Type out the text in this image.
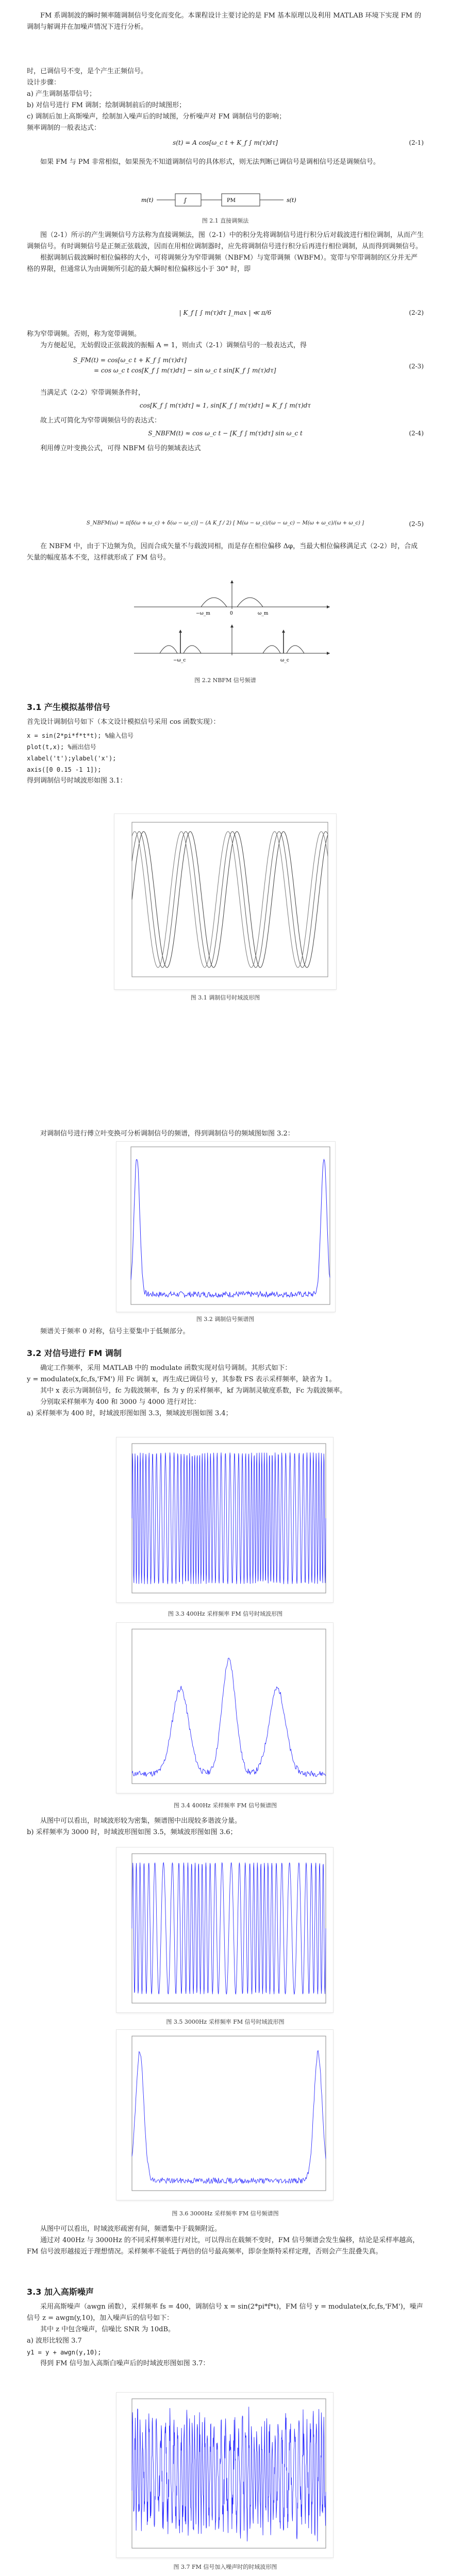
FM 系调制波的瞬时频率随调制信号变化而变化。本课程设计主要讨论的是 FM 基本原理以及利用 MATLAB 环境下实现 FM 的调制与解调并在加噪声情况下进行分析。

时，已调信号不变，是个产生正频信号。

设计步骤：

a) 产生调制基带信号；

b) 对信号进行 FM 调制；绘制调制前后的时域图形；

c) 调制后加上高斯噪声，绘制加入噪声后的时域图，分析噪声对 FM 调制信号的影响；

频率调制的一般表达式：

s(t) = A cos[ω_c t + K_f ∫ m(τ)dτ]	(2-1)

如果 FM 与 PM 非常相似，如果预先不知道调制信号的具体形式，则无法判断已调信号是调相信号还是调频信号。

m(t)	∫	PM	s(t)
图 2.1 直接调频法

图（2-1）所示的产生调频信号方法称为直接调频法，图（2-1）中的积分先将调制信号进行积分后对载波进行相位调制，从而产生调频信号。有时调频信号是正频正弦载波，因而在用相位调制器时，应先将调制信号进行积分后再进行相位调制，从而得到调频信号。

根据调制后载波瞬时相位偏移的大小，可将调频分为窄带调频（NBFM）与宽带调频（WBFM）。宽带与窄带调制的区分并无严格的界限，但通常认为由调频所引起的最大瞬时相位偏移远小于 30° 时，即

| K_f [ ∫ m(τ)dτ ]_max | ≪ π/6	(2-2)

称为窄带调频。否则，称为宽带调频。

为方便起见，无妨假设正弦载波的振幅 A = 1，则由式（2-1）调频信号的一般表达式，得

S_FM(t) = cos[ω_c t + K_f ∫ m(τ)dτ]
= cos ω_c t cos[K_f ∫ m(τ)dτ] − sin ω_c t sin[K_f ∫ m(τ)dτ]
(2-3)

当满足式（2-2）窄带调频条件时，

cos[K_f ∫ m(τ)dτ] ≈ 1, sin[K_f ∫ m(τ)dτ] ≈ K_f ∫ m(τ)dτ

故上式可简化为窄带调频信号的表达式：

S_NBFM(t) ≈ cos ω_c t − [K_f ∫ m(τ)dτ] sin ω_c t	(2-4)

利用傅立叶变换公式，可得 NBFM 信号的频域表达式

S_NBFM(ω) = π[δ(ω + ω_c) + δ(ω − ω_c)] − (A K_f / 2) [ M(ω − ω_c)/(ω − ω_c) − M(ω + ω_c)/(ω + ω_c) ]	(2-5)

在 NBFM 中，由于下边频为负，因而合成矢量不与载波同相，而是存在相位偏移 Δφ，当最大相位偏移满足式（2-2）时，合成矢量的幅度基本不变，这样就形成了 FM 信号。

−ω_m	0	ω_m
−ω_c	ω_c
图 2.2 NBFM 信号频谱
3.1 产生模拟基带信号

首先设计调制信号如下（本文设计模拟信号采用 cos 函数实现）：

x = sin(2*pi*f*t*t); %输入信号
plot(t,x); %画出信号
xlabel('t');ylabel('x');
axis([0 0.15 -1 1]);

得到调制信号时域波形如图 3.1：

图 3.1 调制信号时域波形图

对调制信号进行傅立叶变换可分析调制信号的频谱，得到调制信号的频域图如图 3.2：

图 3.2 调制信号频谱图

频谱关于频率 0 对称，信号主要集中于低频部分。

3.2 对信号进行 FM 调制

确定工作频率，采用 MATLAB 中的 modulate 函数实现对信号调制。其形式如下：

y = modulate(x,fc,fs,'FM') 用 Fc 调制 x，再生成已调信号 y，其参数 FS 表示采样频率，缺省为 1。

其中 x 表示为调制信号，fc 为载波频率，fs 为 y 的采样频率，kf 为调制灵敏度系数，Fc 为载波频率。

分别取采样频率为 400 和 3000 与 4000 进行对比：

a) 采样频率为 400 时，时域波形图如图 3.3，频域波形图如图 3.4；

图 3.3 400Hz 采样频率 FM 信号时域波形图
图 3.4 400Hz 采样频率 FM 信号频谱图

从图中可以看出，时域波形较为密集，频谱图中出现较多谐波分量。

b) 采样频率为 3000 时，时域波形图如图 3.5，频域波形图如图 3.6；

图 3.5 3000Hz 采样频率 FM 信号时域波形图
图 3.6 3000Hz 采样频率 FM 信号频谱图

从图中可以看出，时域波形疏密有间，频谱集中于载频附近。

通过对 400Hz 与 3000Hz 的不同采样频率进行对比，可以得出在载频不变时，FM 信号频谱会发生偏移，结论是采样率越高，FM 信号波形越接近于理想情况。采样频率不能低于两倍的信号最高频率，即奈奎斯特采样定理，否则会产生混叠失真。

3.3 加入高斯噪声

采用高斯噪声（awgn 函数），采样频率 fs = 400，调制信号 x = sin(2*pi*f*t)，FM 信号 y = modulate(x,fc,fs,'FM')，噪声信号 z = awgn(y,10)，加入噪声后的信号如下：

其中 z 中包含噪声，信噪比 SNR 为 10dB。

a) 波形比较图 3.7

y1 = y + awgn(y,10);

得到 FM 信号加入高斯白噪声后的时域波形图如图 3.7：

图 3.7 FM 信号加入噪声时的时域波形图
